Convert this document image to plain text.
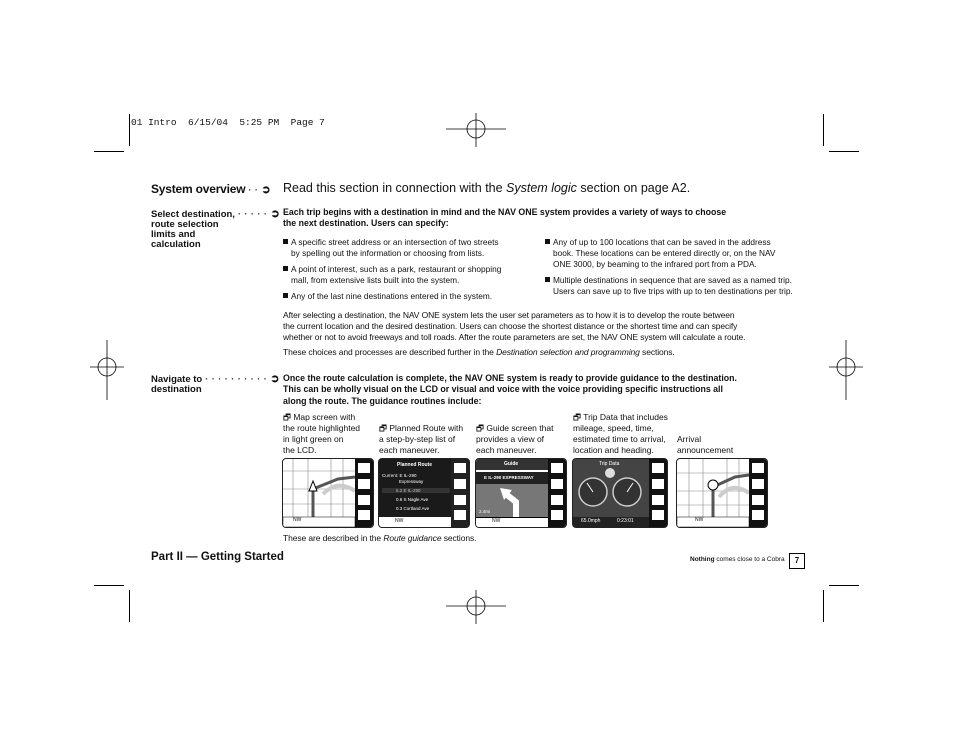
01 Intro  6/15/04  5:25 PM  Page 7
System overview · · ➲ Read this section in connection with the System logic section on page A2.
Select destination, · · · · · ➲
route selection
limits and
calculation
Each trip begins with a destination in mind and the NAV ONE system provides a variety of ways to choose
the next destination. Users can specify:
A specific street address or an intersection of two streets
by spelling out the information or choosing from lists.
A point of interest, such as a park, restaurant or shopping
mall, from extensive lists built into the system.
Any of the last nine destinations entered in the system.
Any of up to 100 locations that can be saved in the address
book. These locations can be entered directly or, on the NAV
ONE 3000, by beaming to the infrared port from a PDA.
Multiple destinations in sequence that are saved as a named trip.
Users can save up to five trips with up to ten destinations per trip.
After selecting a destination, the NAV ONE system lets the user set parameters as to how it is to develop the route between
the current location and the desired destination. Users can choose the shortest distance or the shortest time and can specify
whether or not to avoid freeways and toll roads. After the route parameters are set, the NAV ONE system will calculate a route.
These choices and processes are described further in the Destination selection and programming sections.
Navigate to · · · · · · · · · · ➲
destination
Once the route calculation is complete, the NAV ONE system is ready to provide guidance to the destination.
This can be wholly visual on the LCD or visual and voice with the voice providing specific instructions all
along the route. The guidance routines include:
🗗 Map screen with
the route highlighted
in light green on
the LCD.
🗗 Planned Route with
a step-by-step list of
each maneuver.
🗗 Guide screen that
provides a view of
each maneuver.
🗗 Trip Data that includes
mileage, speed, time,
estimated time to arrival,
location and heading.
Arrival
announcement
NW
Planned Route
Current: E IL-290
Expressway
5.2 E IL-290
0.6 S Nagle Ave
0.3 Cortland Ave
NW
Guide
E IL-290 EXPRESSWAY
2.4mi
NW
Trip Data
65.0mph	0:23:01	NW
These are described in the Route guidance sections.
Part II — Getting Started	Nothing comes close to a Cobra	7
